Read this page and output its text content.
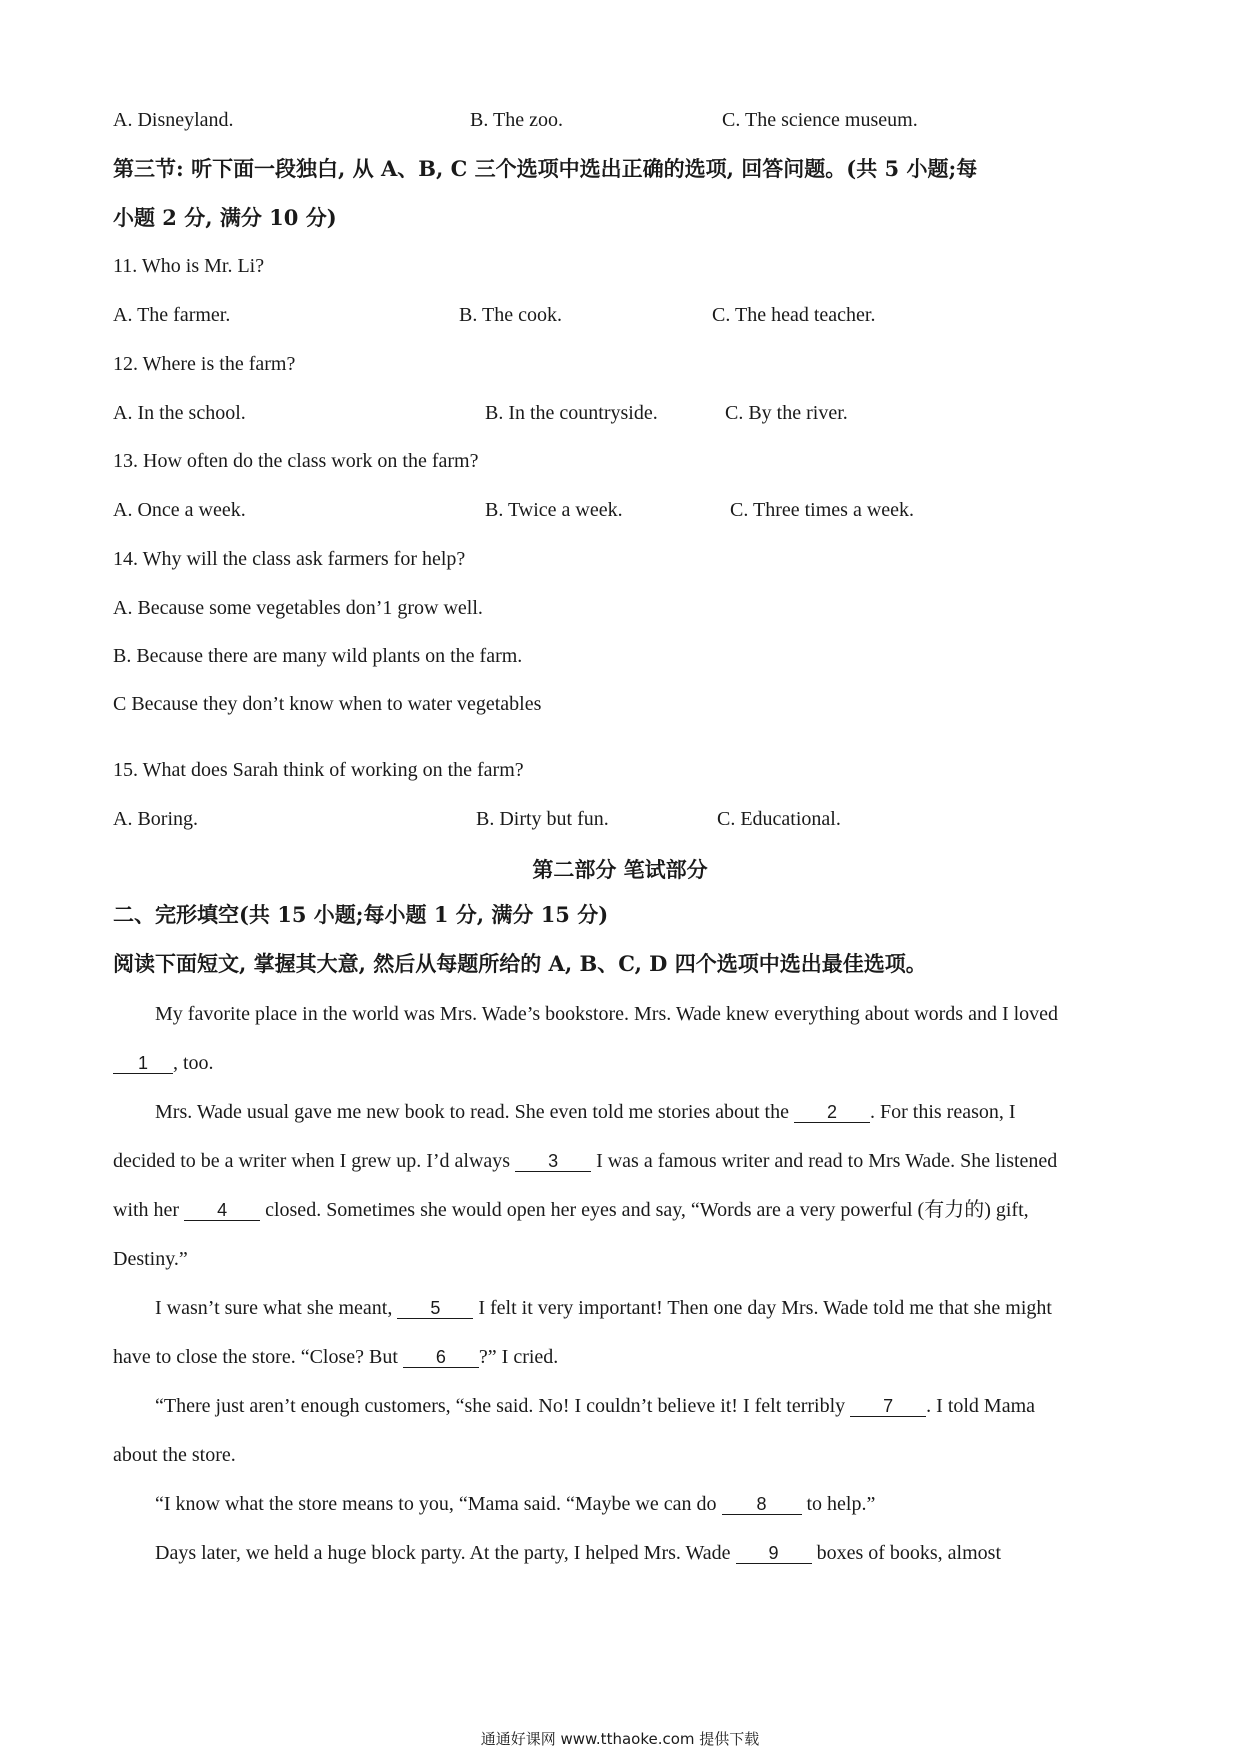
A. Disneyland.	B. The zoo.	C. The science museum.
第三节: 听下面一段独白, 从 A、B, C 三个选项中选出正确的选项, 回答问题。(共 5 小题;每
小题 2 分, 满分 10 分)
11. Who is Mr. Li?
A. The farmer.	B. The cook.	C. The head teacher.
12. Where is the farm?
A. In the school.	B. In the countryside.	C. By the river.
13. How often do the class work on the farm?
A. Once a week.	B. Twice a week.	C. Three times a week.
14. Why will the class ask farmers for help?
A. Because some vegetables don’1 grow well.
B. Because there are many wild plants on the farm.
C Because they don’t know when to water vegetables
15. What does Sarah think of working on the farm?
A. Boring.	B. Dirty but fun.	C. Educational.
第二部分 笔试部分
二、完形填空(共 15 小题;每小题 1 分, 满分 15 分)
阅读下面短文, 掌握其大意, 然后从每题所给的 A, B、C, D 四个选项中选出最佳选项。
My favorite place in the world was Mrs. Wade’s bookstore. Mrs. Wade knew everything about words and I loved
1 , too.
Mrs. Wade usual gave me new book to read. She even told me stories about the 2 . For this reason, I
decided to be a writer when I grew up. I’d always 3 I was a famous writer and read to Mrs Wade. She listened
with her 4 closed. Sometimes she would open her eyes and say, “Words are a very powerful (有力的) gift,
Destiny.”
I wasn’t sure what she meant, 5 I felt it very important! Then one day Mrs. Wade told me that she might
have to close the store. “Close? But 6 ?” I cried.
“There just aren’t enough customers, “she said. No! I couldn’t believe it! I felt terribly 7 . I told Mama
about the store.
“I know what the store means to you, “Mama said. “Maybe we can do 8 to help.”
Days later, we held a huge block party. At the party, I helped Mrs. Wade 9 boxes of books, almost
通通好课网 www.tthaoke.com 提供下载
